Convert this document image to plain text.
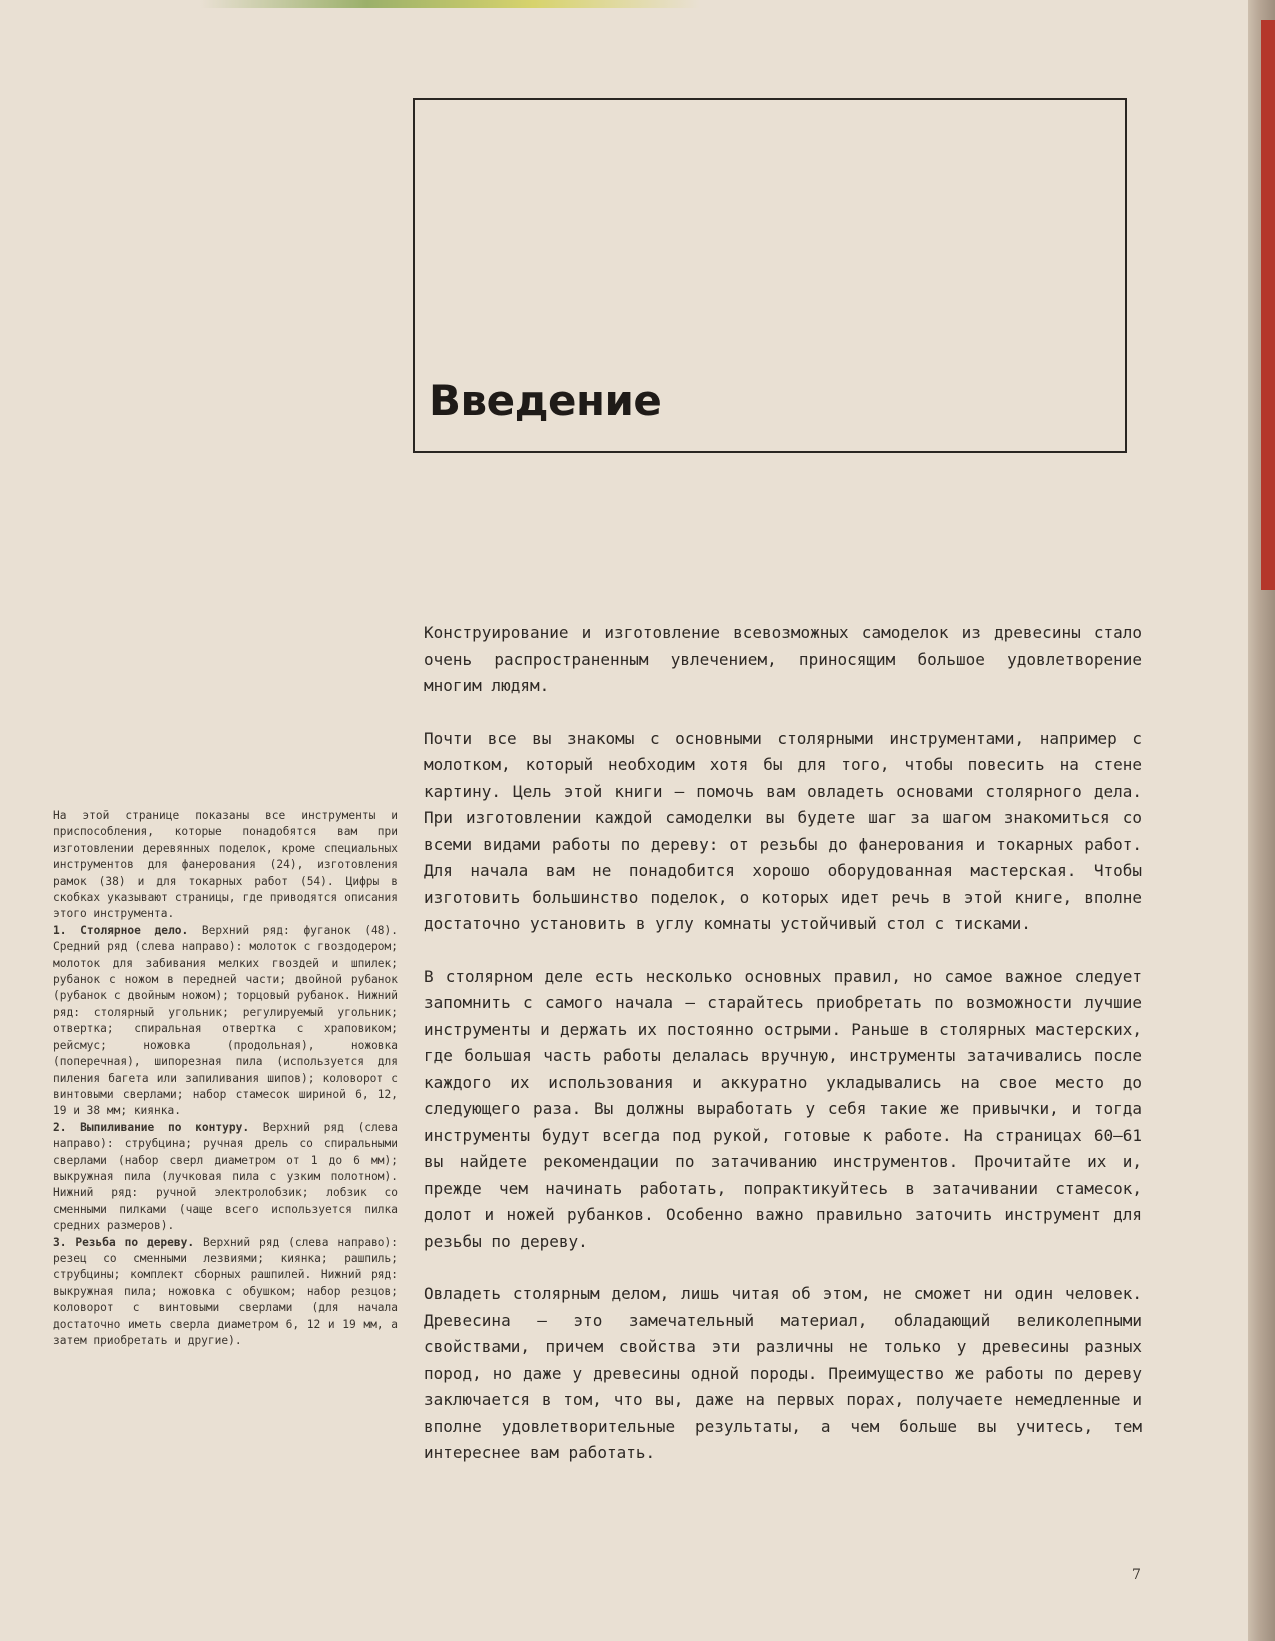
Введение

На этой странице показаны все инструменты и приспособления, которые понадобятся вам при изготовлении деревянных поделок, кроме специальных инструментов для фанерования (24), изготовления рамок (38) и для токарных работ (54). Цифры в скобках указывают страницы, где приводятся описания этого инструмента.

1. Столярное дело. Верхний ряд: фуганок (48). Средний ряд (слева направо): молоток с гвоздодером; молоток для забивания мелких гвоздей и шпилек; рубанок с ножом в передней части; двойной рубанок (рубанок с двойным ножом); торцовый рубанок. Нижний ряд: столярный угольник; регулируемый угольник; отвертка; спиральная отвертка с храповиком; рейсмус; ножовка (продольная), ножовка (поперечная), шипорезная пила (используется для пиления багета или запиливания шипов); коловорот с винтовыми сверлами; набор стамесок шириной 6, 12, 19 и 38 мм; киянка.

2. Выпиливание по контуру. Верхний ряд (слева направо): струбцина; ручная дрель со спиральными сверлами (набор сверл диаметром от 1 до 6 мм); выкружная пила (лучковая пила с узким полотном). Нижний ряд: ручной электролобзик; лобзик со сменными пилками (чаще всего используется пилка средних размеров).

3. Резьба по дереву. Верхний ряд (слева направо): резец со сменными лезвиями; киянка; рашпиль; струбцины; комплект сборных рашпилей. Нижний ряд: выкружная пила; ножовка с обушком; набор резцов; коловорот с винтовыми сверлами (для начала достаточно иметь сверла диаметром 6, 12 и 19 мм, а затем приобретать и другие).

Конструирование и изготовление всевозможных самоделок из древесины стало очень распространенным увлечением, приносящим большое удовлетворение многим людям.

Почти все вы знакомы с основными столярными инструментами, например с молотком, который необходим хотя бы для того, чтобы повесить на стене картину. Цель этой книги — помочь вам овладеть основами столярного дела. При изготовлении каждой самоделки вы будете шаг за шагом знакомиться со всеми видами работы по дереву: от резьбы до фанерования и токарных работ. Для начала вам не понадобится хорошо оборудованная мастерская. Чтобы изготовить большинство поделок, о которых идет речь в этой книге, вполне достаточно установить в углу комнаты устойчивый стол с тисками.

В столярном деле есть несколько основных правил, но самое важное следует запомнить с самого начала — старайтесь приобретать по возможности лучшие инструменты и держать их постоянно острыми. Раньше в столярных мастерских, где большая часть работы делалась вручную, инструменты затачивались после каждого их использования и аккуратно укладывались на свое место до следующего раза. Вы должны выработать у себя такие же привычки, и тогда инструменты будут всегда под рукой, готовые к работе. На страницах 60—61 вы найдете рекомендации по затачиванию инструментов. Прочитайте их и, прежде чем начинать работать, попрактикуйтесь в затачивании стамесок, долот и ножей рубанков. Особенно важно правильно заточить инструмент для резьбы по дереву.

Овладеть столярным делом, лишь читая об этом, не сможет ни один человек. Древесина — это замечательный материал, обладающий великолепными свойствами, причем свойства эти различны не только у древесины разных пород, но даже у древесины одной породы. Преимущество же работы по дереву заключается в том, что вы, даже на первых порах, получаете немедленные и вполне удовлетворительные результаты, а чем больше вы учитесь, тем интереснее вам работать.

7
